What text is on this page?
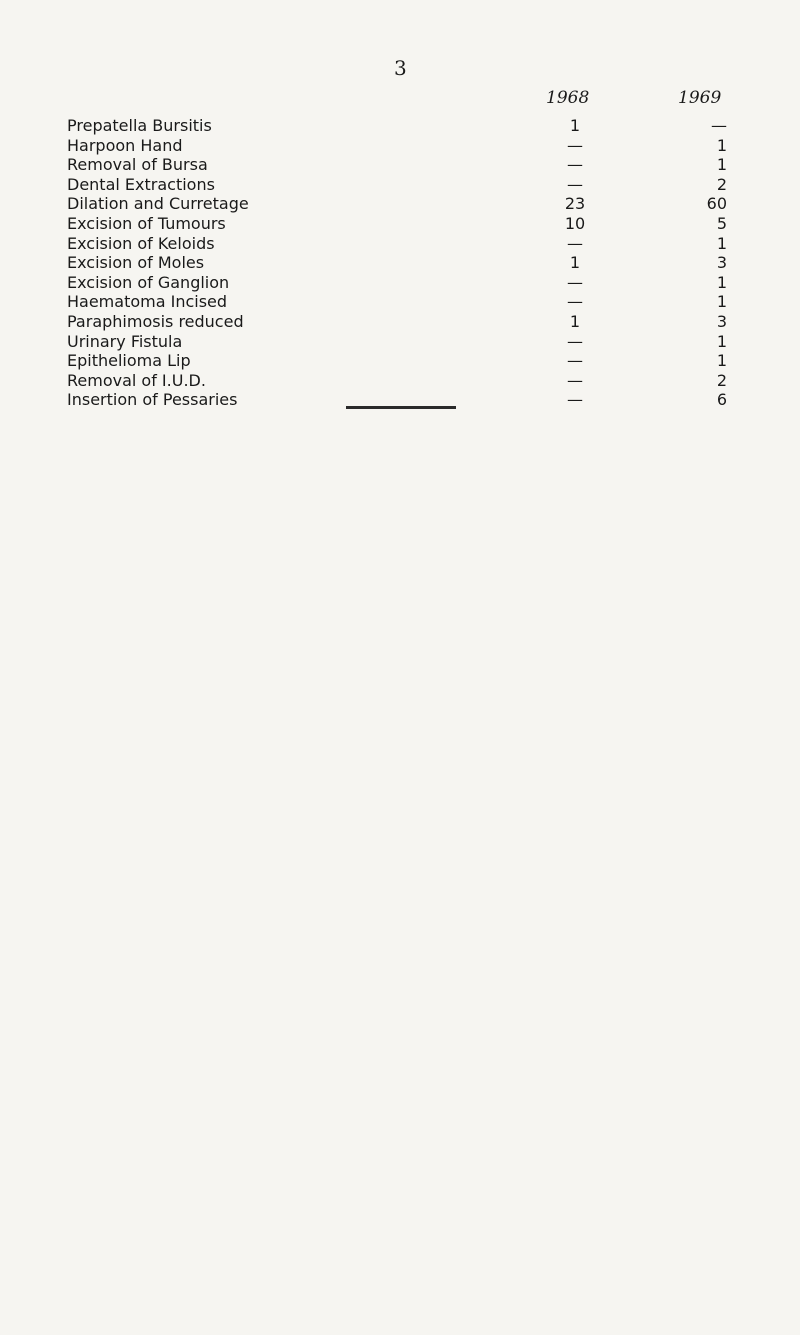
3
1968	1969
Prepatella Bursitis	1	—
Harpoon Hand	—	1
Removal of Bursa	—	1
Dental Extractions	—	2
Dilation and Curretage	23	60
Excision of Tumours	10	5
Excision of Keloids	—	1
Excision of Moles	1	3
Excision of Ganglion	—	1
Haematoma Incised	—	1
Paraphimosis reduced	1	3
Urinary Fistula	—	1
Epithelioma Lip	—	1
Removal of I.U.D.	—	2
Insertion of Pessaries	—	6
